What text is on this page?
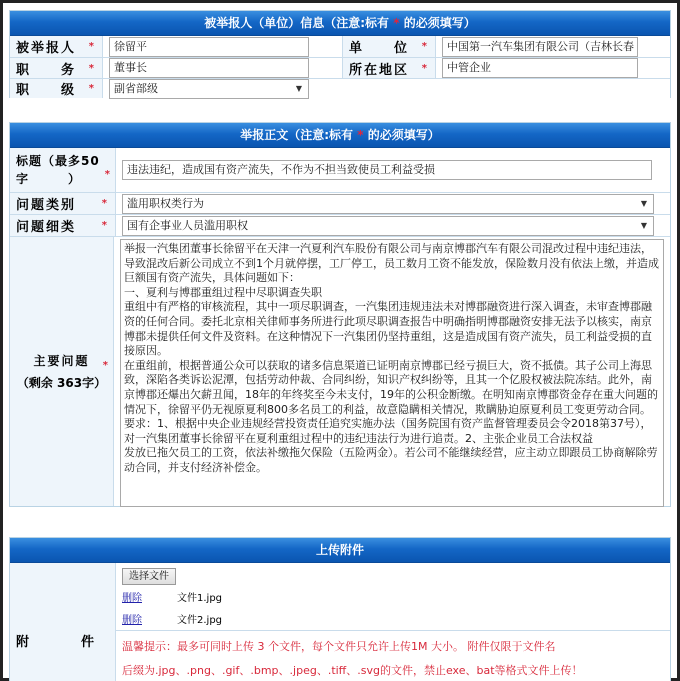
被举报人（单位）信息（注意:标有 * 的必须填写）
被举报人 *	徐留平	单　　位 *	中国第一汽车集团有限公司（吉林长春
职　　务 *	董事长	所在地区 *	中管企业
职　　级 *	副省部级	▼
举报正文（注意:标有 * 的必须填写）
标题（最多50
字　　　） *	违法违纪，造成国有资产流失，不作为不担当致使员工利益受损
问题类别	*	滥用职权类行为	▼
问题细类	*	国有企事业人员滥用职权	▼
主要问题
（剩余 363字）
*
举报一汽集团董事长徐留平在天津一汽夏利汽车股份有限公司与南京博郡汽车有限公司混改过程中违纪违法，导致混改后新公司成立不到1个月就停摆，工厂停工，员工数月工资不能发放，保险数月没有依法上缴，并造成巨额国有资产流失，具体问题如下： 一、夏利与博郡重组过程中尽职调查失职 重组中有严格的审核流程，其中一项尽职调查，一汽集团违规违法未对博郡融资进行深入调查，未审查博郡融资的任何合同。委托北京相关律师事务所进行此项尽职调查报告中明确指明博郡融资安排无法予以核实，南京博郡未提供任何文件及资料。在这种情况下一汽集团仍坚持重组，这是造成国有资产流失，员工利益受损的直接原因。 在重组前，根据普通公众可以获取的诸多信息渠道已证明南京博郡已经亏损巨大，资不抵债。其子公司上海思致，深陷各类诉讼泥潭，包括劳动仲裁、合同纠纷，知识产权纠纷等，且其一个亿股权被法院冻结。此外，南京博郡还爆出欠薪丑闻，18年的年终奖至今未支付，19年的公积金断缴。在明知南京博郡资金存在重大问题的情况下，徐留平仍无视原夏利800多名员工的利益，故意隐瞒相关情况，欺瞒胁迫原夏利员工变更劳动合同。 要求：1、根据中央企业违规经营投资责任追究实施办法（国务院国有资产监督管理委员会令2018第37号），对一汽集团董事长徐留平在夏利重组过程中的违纪违法行为进行追责。2、主张企业员工合法权益 发放已拖欠员工的工资，依法补缴拖欠保险（五险两金）。若公司不能继续经营，应主动立即跟员工协商解除劳动合同，并支付经济补偿金。
上传附件
附　　　　件
选择文件
删除	文件1.jpg
删除	文件2.jpg
温馨提示：最多可同时上传 3 个文件，每个文件只允许上传1M 大小。 附件仅限于文件名
后缀为.jpg、.png、.gif、.bmp、.jpeg、.tiff、.svg的文件，禁止exe、bat等格式文件上传！
